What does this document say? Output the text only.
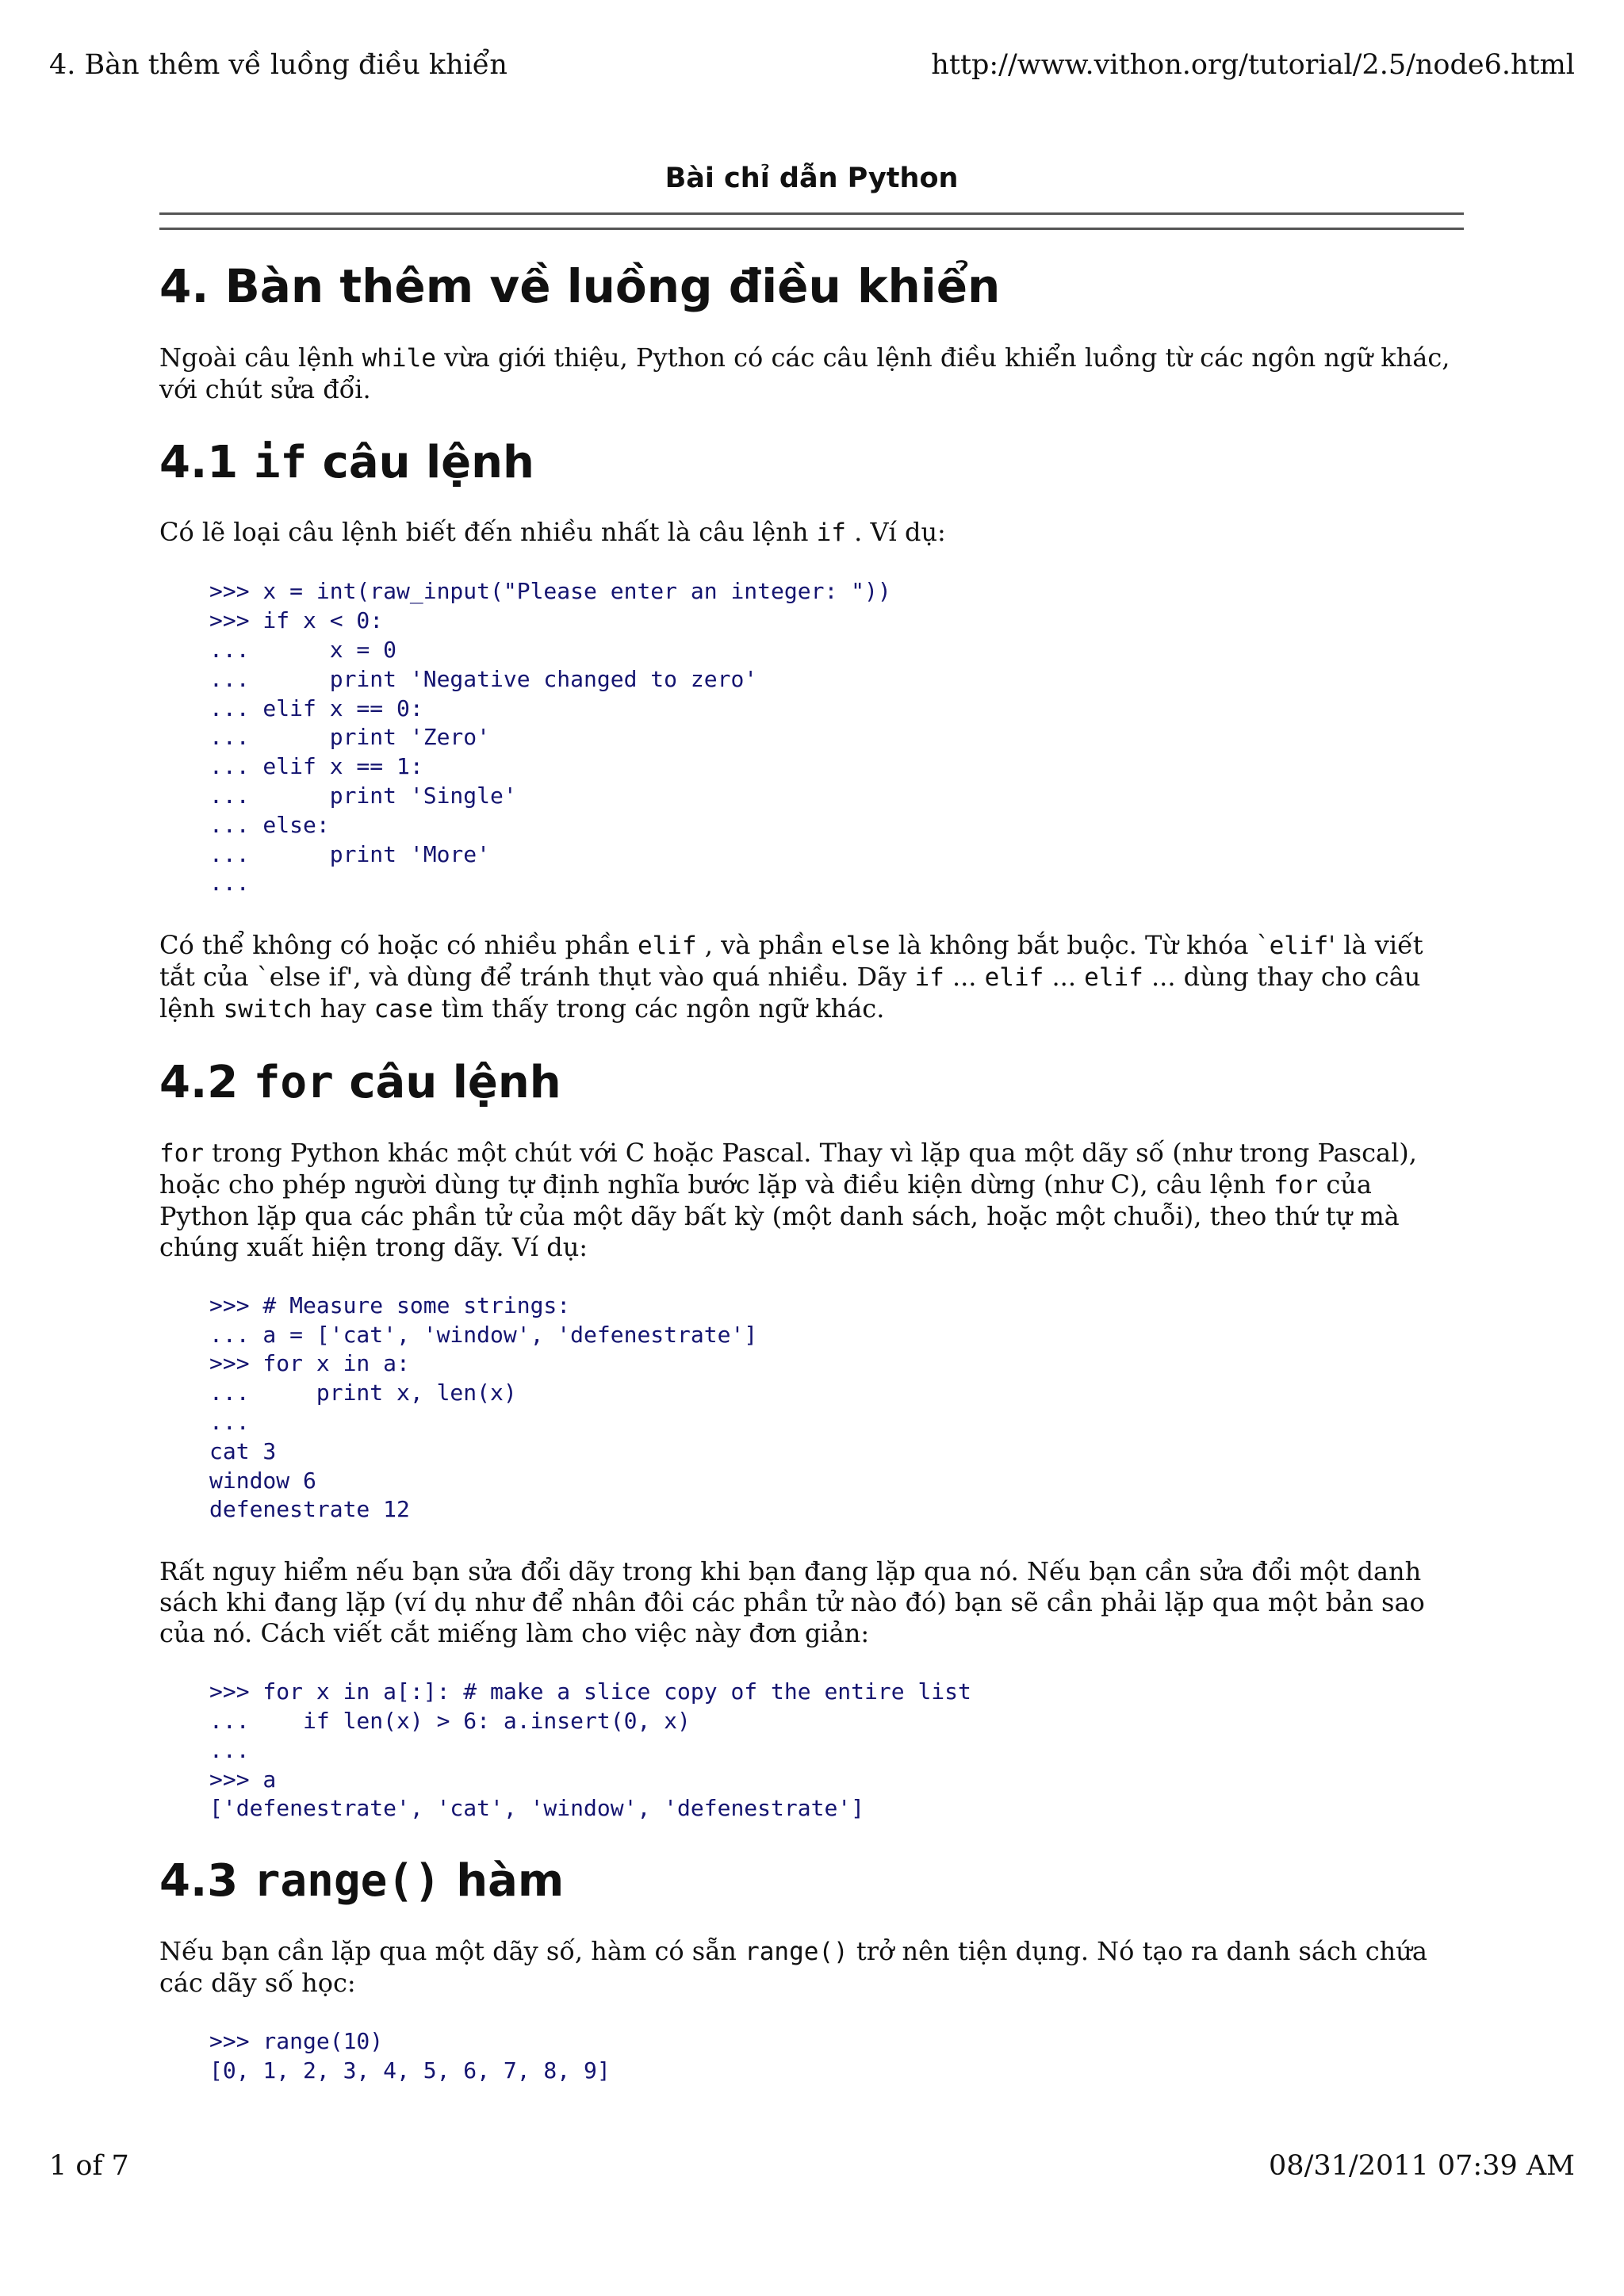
4. Bàn thêm về luồng điều khiển	http://www.vithon.org/tutorial/2.5/node6.html
Bài chỉ dẫn Python
4. Bàn thêm về luồng điều khiển

Ngoài câu lệnh while vừa giới thiệu, Python có các câu lệnh điều khiển luồng từ các ngôn ngữ khác, với chút sửa đổi.

4.1 if câu lệnh

Có lẽ loại câu lệnh biết đến nhiều nhất là câu lệnh if . Ví dụ:

>>> x = int(raw_input("Please enter an integer: "))
>>> if x < 0:
...      x = 0
...      print 'Negative changed to zero'
... elif x == 0:
...      print 'Zero'
... elif x == 1:
...      print 'Single'
... else:
...      print 'More'
...

Có thể không có hoặc có nhiều phần elif , và phần else là không bắt buộc. Từ khóa `elif' là viết tắt của `else if', và dùng để tránh thụt vào quá nhiều. Dãy if ... elif ... elif ... dùng thay cho câu lệnh switch hay case tìm thấy trong các ngôn ngữ khác.

4.2 for câu lệnh

for trong Python khác một chút với C hoặc Pascal. Thay vì lặp qua một dãy số (như trong Pascal), hoặc cho phép người dùng tự định nghĩa bước lặp và điều kiện dừng (như C), câu lệnh for của Python lặp qua các phần tử của một dãy bất kỳ (một danh sách, hoặc một chuỗi), theo thứ tự mà chúng xuất hiện trong dãy. Ví dụ:

>>> # Measure some strings:
... a = ['cat', 'window', 'defenestrate']
>>> for x in a:
...     print x, len(x)
...
cat 3
window 6
defenestrate 12

Rất nguy hiểm nếu bạn sửa đổi dãy trong khi bạn đang lặp qua nó. Nếu bạn cần sửa đổi một danh sách khi đang lặp (ví dụ như để nhân đôi các phần tử nào đó) bạn sẽ cần phải lặp qua một bản sao của nó. Cách viết cắt miếng làm cho việc này đơn giản:

>>> for x in a[:]: # make a slice copy of the entire list
...    if len(x) > 6: a.insert(0, x)
...
>>> a
['defenestrate', 'cat', 'window', 'defenestrate']
4.3 range() hàm

Nếu bạn cần lặp qua một dãy số, hàm có sẵn range() trở nên tiện dụng. Nó tạo ra danh sách chứa các dãy số học:

>>> range(10)
[0, 1, 2, 3, 4, 5, 6, 7, 8, 9]
1 of 7	08/31/2011 07:39 AM
